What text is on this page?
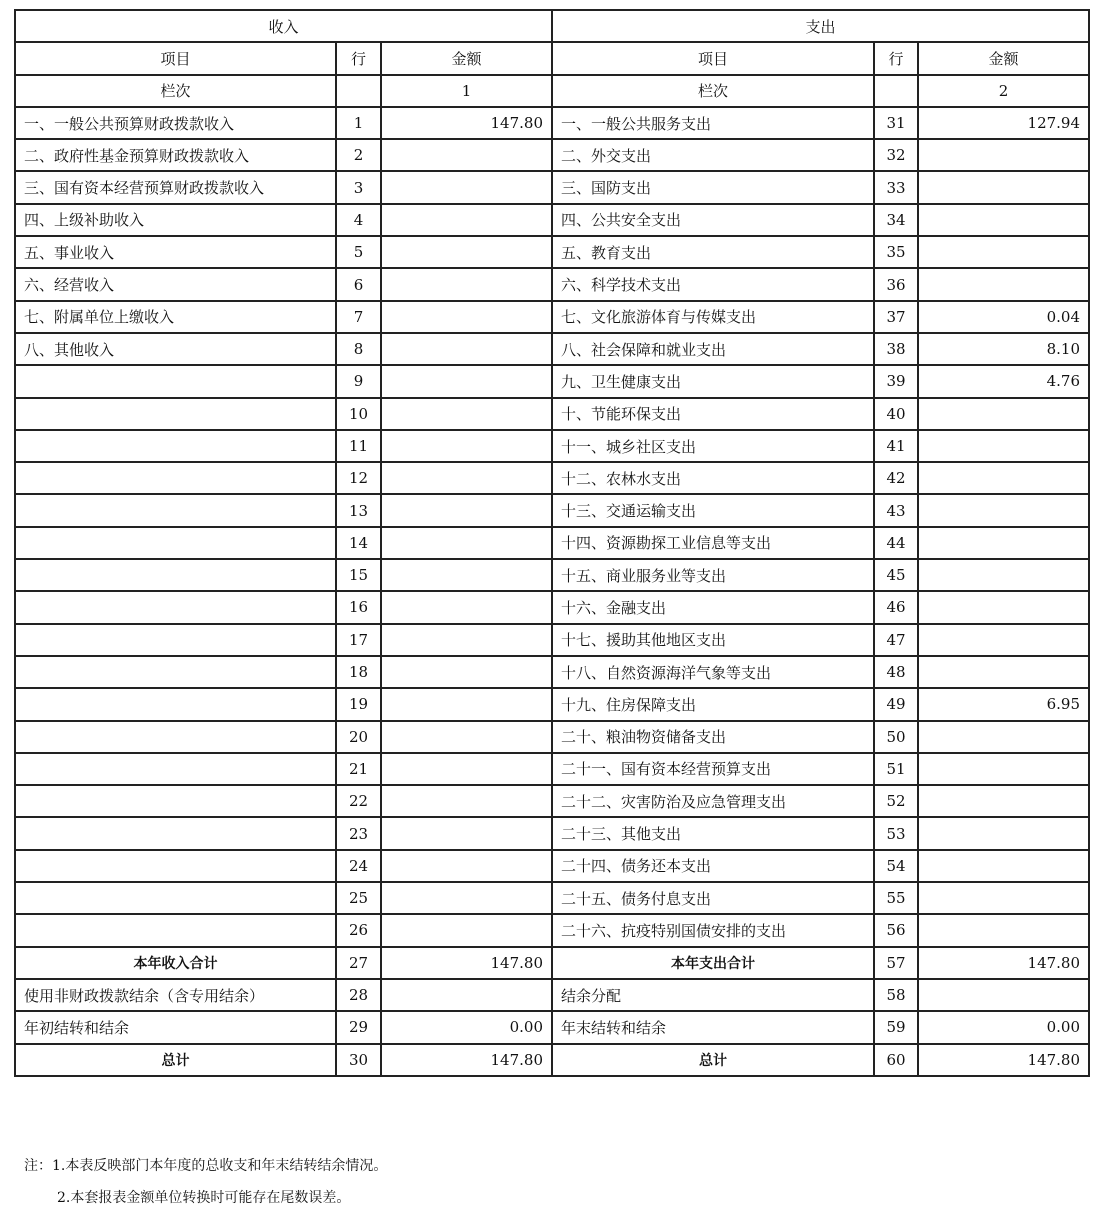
收入			支出		
项目	行	金额	项目	行	金额
栏次		1	栏次		2
一、一般公共预算财政拨款收入	1	147.80	一、一般公共服务支出	31	127.94
二、政府性基金预算财政拨款收入	2		二、外交支出	32	
三、国有资本经营预算财政拨款收入	3		三、国防支出	33	
四、上级补助收入	4		四、公共安全支出	34	
五、事业收入	5		五、教育支出	35	
六、经营收入	6		六、科学技术支出	36	
七、附属单位上缴收入	7		七、文化旅游体育与传媒支出	37	0.04
八、其他收入	8		八、社会保障和就业支出	38	8.10
	9		九、卫生健康支出	39	4.76
	10		十、节能环保支出	40	
	11		十一、城乡社区支出	41	
	12		十二、农林水支出	42	
	13		十三、交通运输支出	43	
	14		十四、资源勘探工业信息等支出	44	
	15		十五、商业服务业等支出	45	
	16		十六、金融支出	46	
	17		十七、援助其他地区支出	47	
	18		十八、自然资源海洋气象等支出	48	
	19		十九、住房保障支出	49	6.95
	20		二十、粮油物资储备支出	50	
	21		二十一、国有资本经营预算支出	51	
	22		二十二、灾害防治及应急管理支出	52	
	23		二十三、其他支出	53	
	24		二十四、债务还本支出	54	
	25		二十五、债务付息支出	55	
	26		二十六、抗疫特别国债安排的支出	56	
本年收入合计	27	147.80	本年支出合计	57	147.80
使用非财政拨款结余（含专用结余）	28		结余分配	58	
年初结转和结余	29	0.00	年末结转和结余	59	0.00
总计	30	147.80	总计	60	147.80
注：1.本表反映部门本年度的总收支和年末结转结余情况。
2.本套报表金额单位转换时可能存在尾数误差。
